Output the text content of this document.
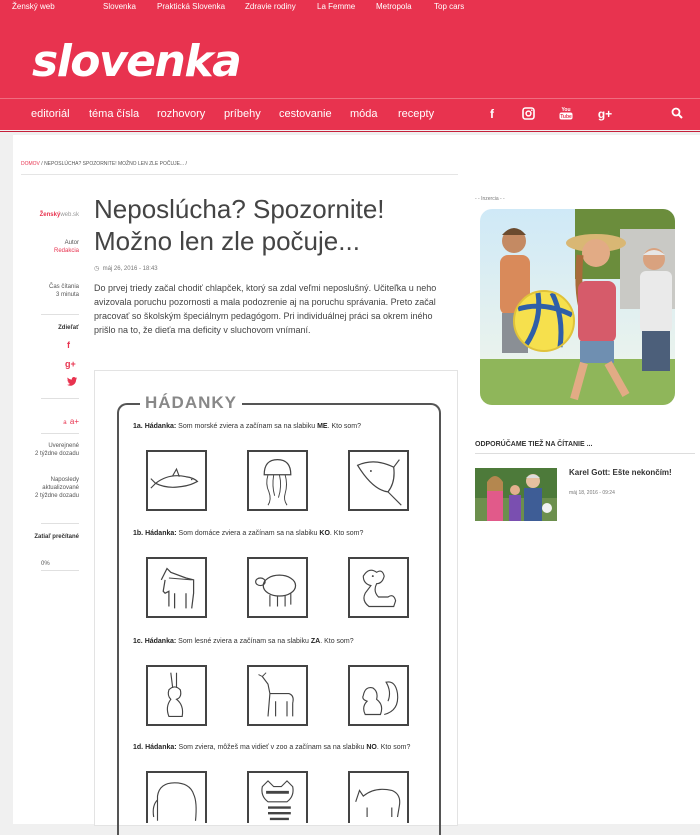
Ženský web	Slovenka	Praktická Slovenka Zdravie rodiny	La Femme	Metropola	Top cars
slovenka
editoriál téma čísla rozhovory príbehy cestovanie móda recepty	f	You
Tube g+
DOMOV / NEPOSLÚCHA? SPOZORNITE! MOŽNO LEN ZLE POČUJE... /
Ženskýweb.sk
Autor
Redakcia
Čas čítania
3 minuta
Zdieľať
f
g+
a a+
Uverejnené
2 týždne dozadu
Naposledy aktualizované
2 týždne dozadu
Zatiaľ prečítané
0%
Neposlúcha? Spozornite! Možno len zle počuje...
◷ máj 26, 2016 - 18:43

Do prvej triedy začal chodiť chlapček, ktorý sa zdal veľmi neposlušný. Učiteľka u neho avizovala poruchu pozornosti a mala podozrenie aj na poruchu správania. Preto začal pracovať so školským špeciálnym pedagógom. Pri individuálnej práci sa okrem iného prišlo na to, že dieťa ma deficity v sluchovom vnímaní.

HÁDANKY
1a. Hádanka: Som morské zviera a začínam sa na slabiku ME. Kto som?
1b. Hádanka: Som domáce zviera a začínam sa na slabiku KO. Kto som?
1c. Hádanka: Som lesné zviera a začínam sa na slabiku ZA. Kto som?
1d. Hádanka: Som zviera, môžeš ma vidieť v zoo a začínam sa na slabiku NO. Kto som?
- - Inzercia - -
ODPORÚČAME TIEŽ NA ČÍTANIE ...
Karel Gott: Ešte nekončím!
máj 18, 2016 - 09:24
